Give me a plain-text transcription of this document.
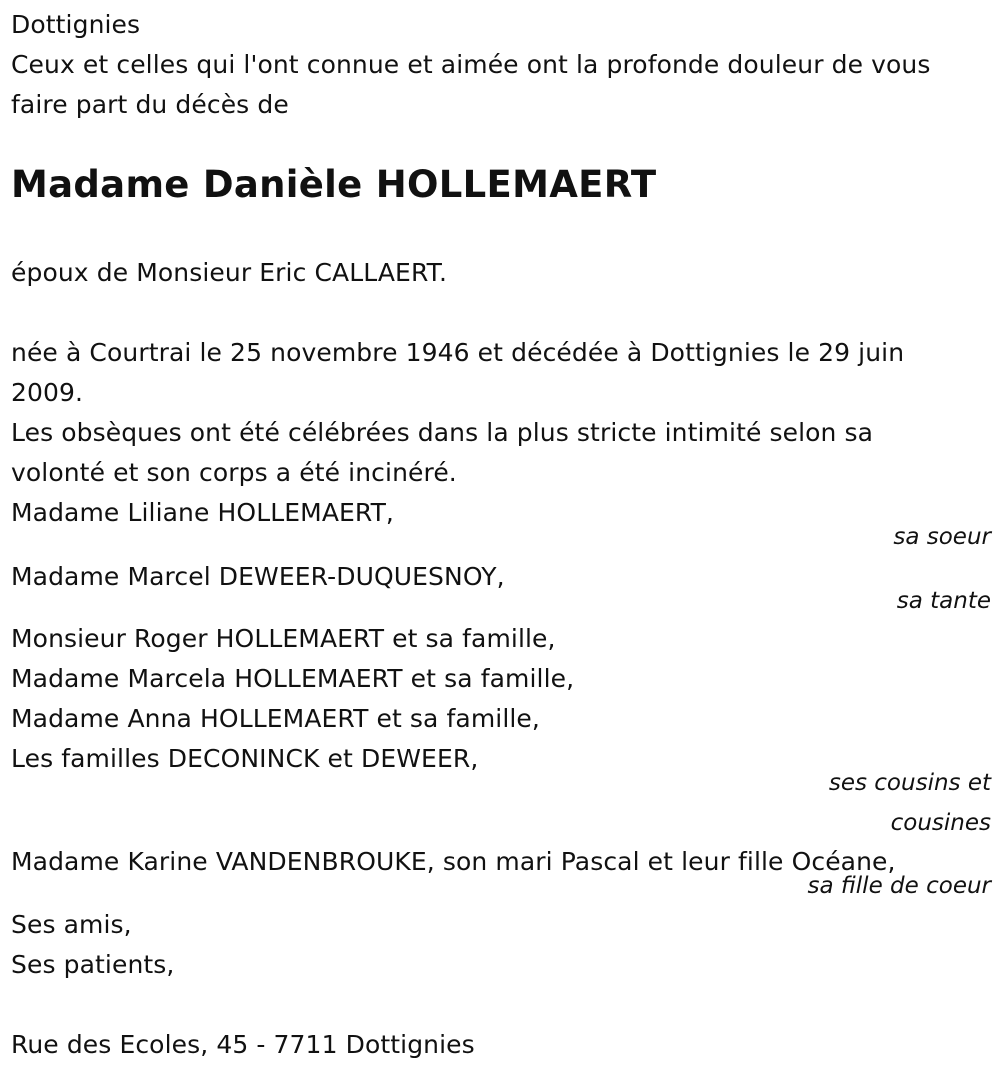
Dottignies
Ceux et celles qui l'ont connue et aimée ont la profonde douleur de vous
faire part du décès de
Madame Danièle HOLLEMAERT
époux de Monsieur Eric CALLAERT.
née à Courtrai le 25 novembre 1946 et décédée à Dottignies le 29 juin
2009.
Les obsèques ont été célébrées dans la plus stricte intimité selon sa
volonté et son corps a été incinéré.
Madame Liliane HOLLEMAERT,
sa soeur
Madame Marcel DEWEER-DUQUESNOY,
sa tante
Monsieur Roger HOLLEMAERT et sa famille,
Madame Marcela HOLLEMAERT et sa famille,
Madame Anna HOLLEMAERT et sa famille,
Les familles DECONINCK et DEWEER,
ses cousins et
cousines
Madame Karine VANDENBROUKE, son mari Pascal et leur fille Océane,
sa fille de coeur
Ses amis,
Ses patients,
Rue des Ecoles, 45 - 7711 Dottignies
